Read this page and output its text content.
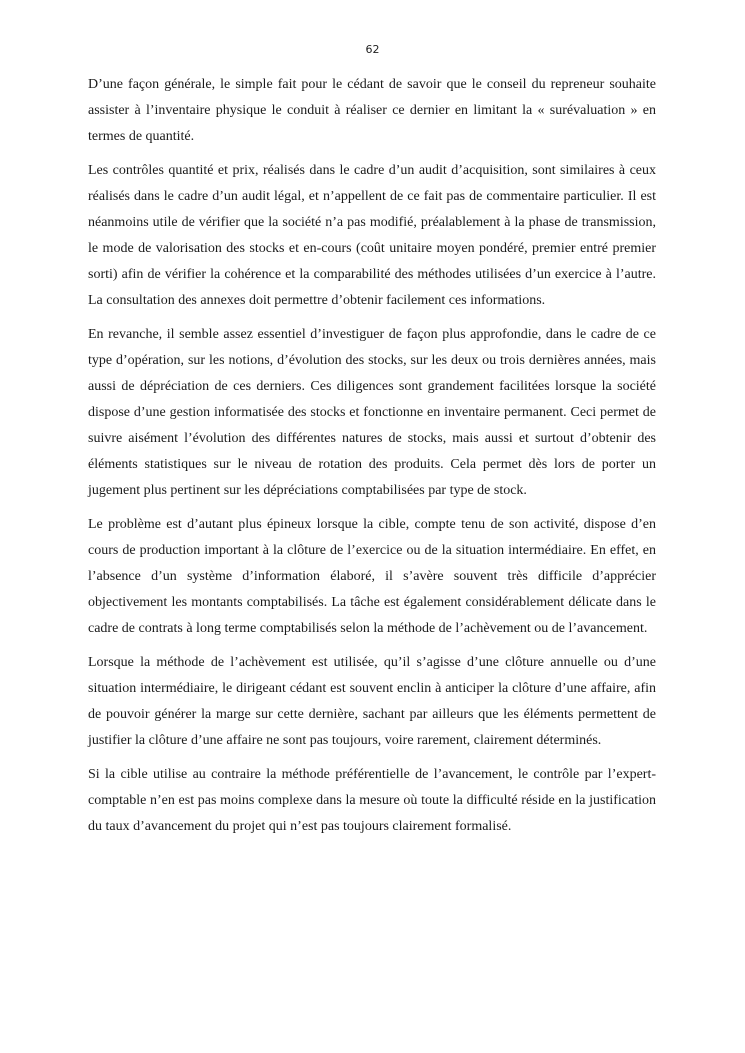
62

D’une façon générale, le simple fait pour le cédant de savoir que le conseil du repreneur souhaite assister à l’inventaire physique le conduit à réaliser ce dernier en limitant la « surévaluation » en termes de quantité.

Les contrôles quantité et prix, réalisés dans le cadre d’un audit d’acquisition, sont similaires à ceux réalisés dans le cadre d’un audit légal, et n’appellent de ce fait pas de commentaire particulier. Il est néanmoins utile de vérifier que la société n’a pas modifié, préalablement à la phase de transmission, le mode de valorisation des stocks et en-cours (coût unitaire moyen pondéré, premier entré premier sorti) afin de vérifier la cohérence et la comparabilité des méthodes utilisées d’un exercice à l’autre. La consultation des annexes doit permettre d’obtenir facilement ces informations.

En revanche, il semble assez essentiel d’investiguer de façon plus approfondie, dans le cadre de ce type d’opération, sur les notions, d’évolution des stocks, sur les deux ou trois dernières années, mais aussi de dépréciation de ces derniers. Ces diligences sont grandement facilitées lorsque la société dispose d’une gestion informatisée des stocks et fonctionne en inventaire permanent. Ceci permet de suivre aisément l’évolution des différentes natures de stocks, mais aussi et surtout d’obtenir des éléments statistiques sur le niveau de rotation des produits. Cela permet dès lors de porter un jugement plus pertinent sur les dépréciations comptabilisées par type de stock.

Le problème est d’autant plus épineux lorsque la cible, compte tenu de son activité, dispose d’en cours de production important à la clôture de l’exercice ou de la situation intermédiaire. En effet, en l’absence d’un système d’information élaboré, il s’avère souvent très difficile d’apprécier objectivement les montants comptabilisés. La tâche est également considérablement délicate dans le cadre de contrats à long terme comptabilisés selon la méthode de l’achèvement ou de l’avancement.

Lorsque la méthode de l’achèvement est utilisée, qu’il s’agisse d’une clôture annuelle ou d’une situation intermédiaire, le dirigeant cédant est souvent enclin à anticiper la clôture d’une affaire, afin de pouvoir générer la marge sur cette dernière, sachant par ailleurs que les éléments permettent de justifier la clôture d’une affaire ne sont pas toujours, voire rarement, clairement déterminés.

Si la cible utilise au contraire la méthode préférentielle de l’avancement, le contrôle par l’expert-comptable n’en est pas moins complexe dans la mesure où toute la difficulté réside en la justification du taux d’avancement du projet qui n’est pas toujours clairement formalisé.
